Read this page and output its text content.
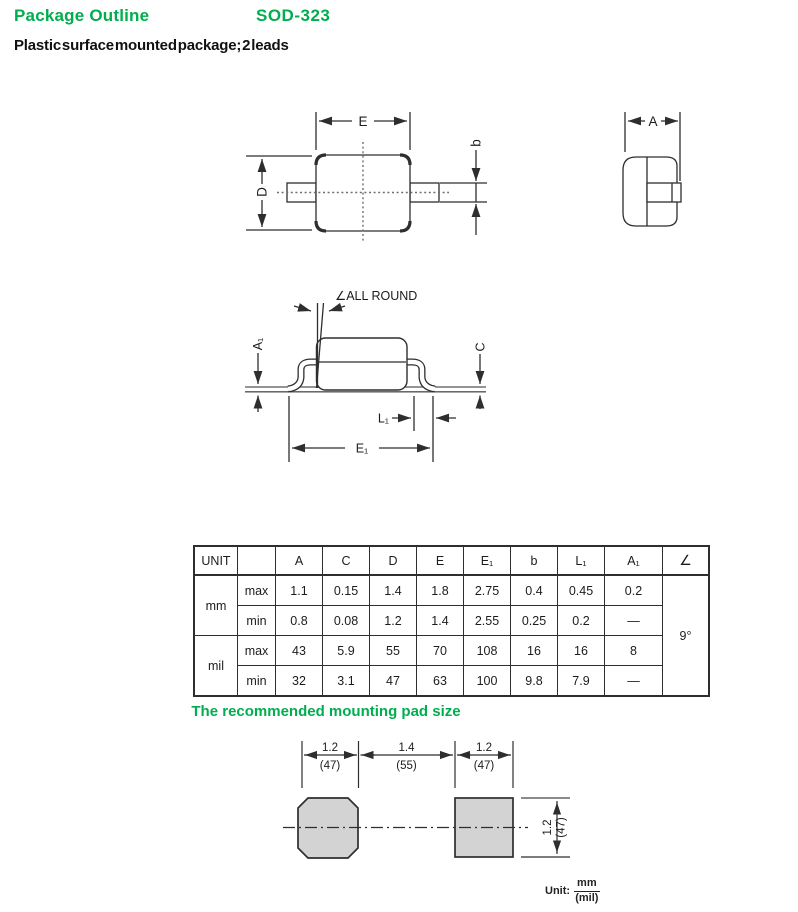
Package Outline	SOD-323
Plastic surface mounted package; 2 leads
E
D
b
A
∠ALL ROUND
A₁	C
L₁
E₁
1.2
(47)
1.4
(55)
1.2
(47)
1.2 (47)
UNIT		A	C	D	E	E₁	b	L₁	A₁	∠
mm	max	1.1	0.15	1.4	1.8	2.75	0.4	0.45	0.2	9°
	min	0.8	0.08	1.2	1.4	2.55	0.25	0.2	—	
mil	max	43	5.9	55	70	108	16	16	8	
	min	32	3.1	47	63	100	9.8	7.9	—	
The recommended mounting pad size
Unit: $\frac{mm}{\text{(mil)}}$
